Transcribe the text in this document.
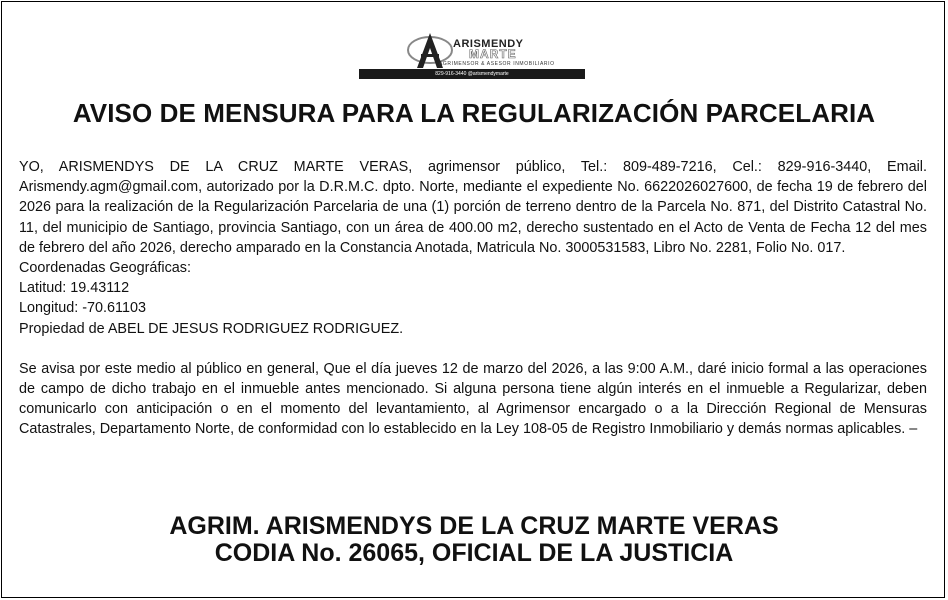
ARISMENDY
MARTE
AGRIMENSOR & ASESOR INMOBILIARIO
829-916-3440 @arismendymarte
AVISO DE MENSURA PARA LA REGULARIZACIÓN PARCELARIA

YO, ARISMENDYS DE LA CRUZ MARTE VERAS, agrimensor público, Tel.: 809-489-7216, Cel.: 829-916-3440, Email. Arismendy.agm@gmail.com, autorizado por la D.R.M.C. dpto. Norte, mediante el expediente No. 6622026027600, de fecha 19 de febrero del 2026 para la realización de la Regularización Parcelaria de una (1) porción de terreno dentro de la Parcela No. 871, del Distrito Catastral No. 11, del municipio de Santiago, provincia Santiago, con un área de 400.00 m2, derecho sustentado en el Acto de Venta de Fecha 12 del mes de febrero del año 2026, derecho amparado en la Constancia Anotada, Matricula No. 3000531583, Libro No. 2281, Folio No. 017.

Coordenadas Geográficas:
Latitud: 19.43112
Longitud: -70.61103
Propiedad de ABEL DE JESUS RODRIGUEZ RODRIGUEZ.

Se avisa por este medio al público en general, Que el día jueves 12 de marzo del 2026, a las 9:00 A.M., daré inicio formal a las operaciones de campo de dicho trabajo en el inmueble antes mencionado. Si alguna persona tiene algún interés en el inmueble a Regularizar, deben comunicarlo con anticipación o en el momento del levantamiento, al Agrimensor encargado o a la Dirección Regional de Mensuras Catastrales, Departamento Norte, de conformidad con lo establecido en la Ley 108-05 de Registro Inmobiliario y demás normas aplicables. –

AGRIM. ARISMENDYS DE LA CRUZ MARTE VERAS
CODIA No. 26065, OFICIAL DE LA JUSTICIA
